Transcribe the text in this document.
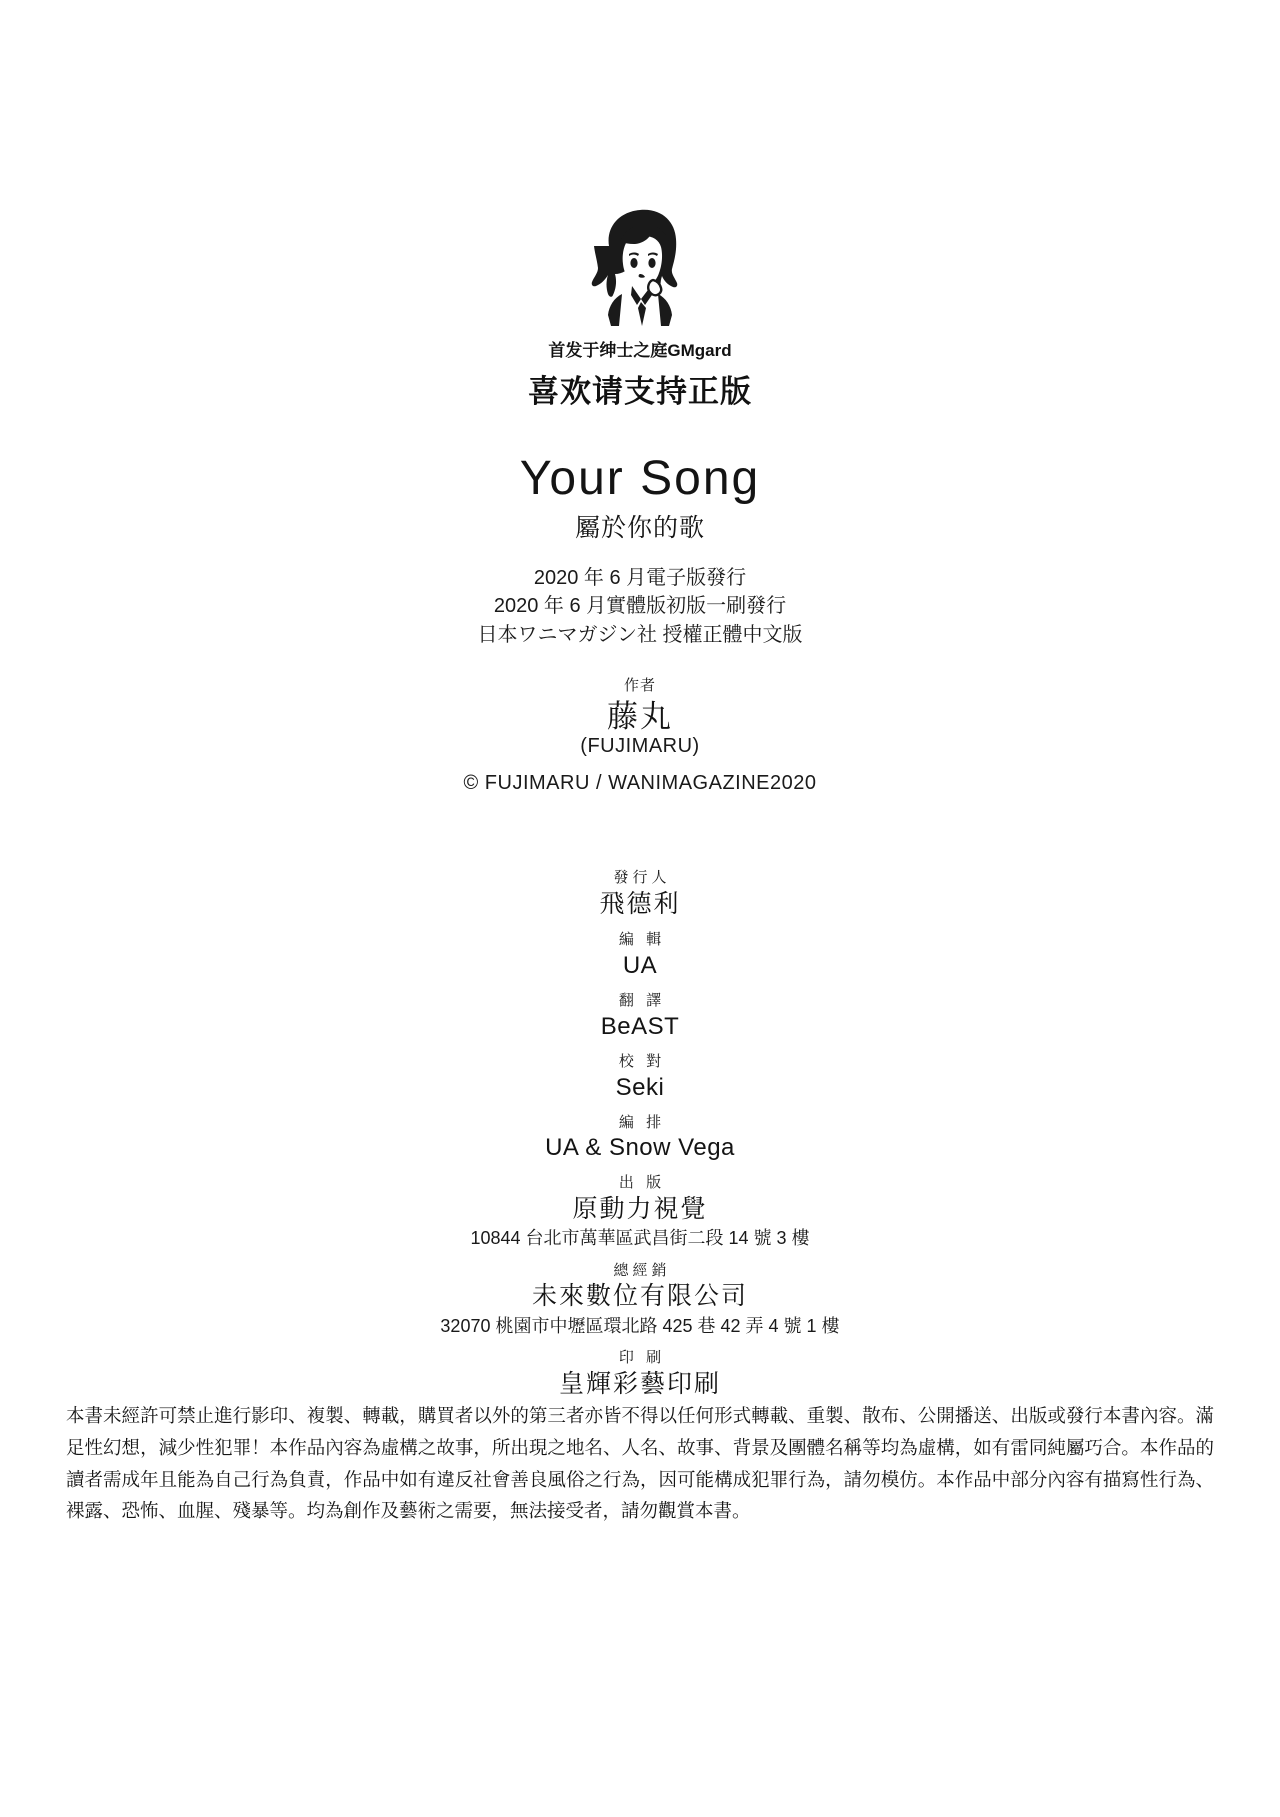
首发于绅士之庭GMgard
喜欢请支持正版
Your Song
屬於你的歌
2020 年 6 月電子版發行
2020 年 6 月實體版初版一刷發行
日本ワニマガジン社 授權正體中文版
作者
藤丸
(FUJIMARU)
© FUJIMARU / WANIMAGAZINE2020
發行人
飛德利
編 輯
UA
翻 譯
BeAST
校 對
Seki
編 排
UA & Snow Vega
出 版
原動力視覺
10844 台北市萬華區武昌街二段 14 號 3 樓
總經銷
未來數位有限公司
32070 桃園市中壢區環北路 425 巷 42 弄 4 號 1 樓
印 刷
皇輝彩藝印刷

本書未經許可禁止進行影印、複製、轉載，購買者以外的第三者亦皆不得以任何形式轉載、重製、散布、公開播送、出版或發行本書內容。滿足性幻想，減少性犯罪！本作品內容為虛構之故事，所出現之地名、人名、故事、背景及團體名稱等均為虛構，如有雷同純屬巧合。本作品的讀者需成年且能為自己行為負責，作品中如有違反社會善良風俗之行為，因可能構成犯罪行為，請勿模仿。本作品中部分內容有描寫性行為、裸露、恐怖、血腥、殘暴等。均為創作及藝術之需要，無法接受者，請勿觀賞本書。
